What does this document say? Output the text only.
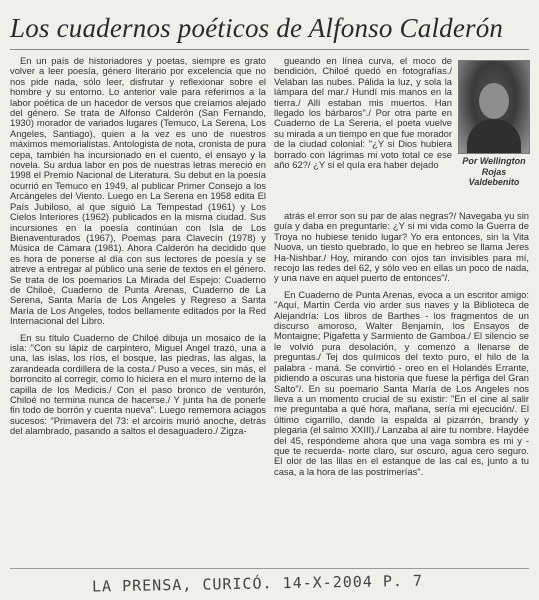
Los cuadernos poéticos de Alfonso Calderón

En un país de historiadores y poetas, siempre es grato volver a leer poesía, género literario por excelencia que no nos pide nada, sólo leer, disfrutar y reflexionar sobre el hombre y su entorno. Lo anterior vale para referirnos a la labor poética de un hacedor de versos que creíamos alejado del género. Se trata de Alfonso Calderón (San Fernando, 1930) morador de variados lugares (Temuco, La Serena, Los Angeles, Santiago), quien a la vez es uno de nuestros máximos memorialistas. Antologista de nota, cronista de pura cepa, también ha incursionado en el cuento, el ensayo y la novela. Su ardua labor en pos de nuestras letras mereció en 1998 el Premio Nacional de Literatura. Su debut en la poesía ocurrió en Temuco en 1949, al publicar Primer Consejo a los Arcángeles del Viento. Luego en La Serena en 1958 edita El País Jubiloso, al que siguió La Tempestad (1961) y Los Cielos Interiores (1962) publicados en la misma ciudad. Sus incursiones en la poesía continúan con Isla de Los Bienaventurados (1967), Poemas para Clavecín (1978) y Música de Cámara (1981). Ahora Calderón ha decidido que es hora de ponerse al día con sus lectores de poesía y se atreve a entregar al público una serie de textos en el género. Se trata de los poemarios La Mirada del Espejo: Cuaderno de Chiloé, Cuaderno de Punta Arenas, Cuaderno de La Serena, Santa María de Los Angeles y Regreso a Santa María de Los Angeles, todos bellamente editados por la Red Internacional del Libro.

En su título Cuaderno de Chiloé dibuja un mosaico de la isla: "Con su lápiz de carpintero, Miguel Angel trazó, una a una, las islas, los ríos, el bosque, las piedras, las algas, la zarandeada cordillera de la costa./ Puso a veces, sin más, el borroncito al corregir, como lo hiciera en el muro interno de la capilla de los Medicis./ Con el paso bronco de venturón, Chiloé no termina nunca de hacerse./ Y junta ha de ponerle fin todo de borrón y cuenta nueva". Luego rememora aciagos sucesos: "Primavera del 73: el arcoiris murió anoche, detrás del alambrado, pasando a saltos el desaguadero./ Zigza-

gueando en línea curva, el moco de bendición, Chiloé quedó en fotografías./ Velaban las nubes. Pálida la luz, y sola la lámpara del mar./ Hundí mis manos en la tierra./ Allí estaban mis muertos. Han llegado los bárbaros"./ Por otra parte en Cuaderno de La Serena, el poeta vuelve su mirada a un tiempo en que fue morador de la ciudad colonial: "¿Y si Dios hubiera borrado con lágrimas mi voto total ce ese año 62?/ ¿Y si el quía era haber dejado	Por Wellington
Rojas
Valdebenito

atrás el error son su par de alas negras?/ Navegaba yu sin guía y daba en preguntarle: ¿Y si mi vida como la Guerra de Troya no hubiese tenido lugar? Yo era entonces, sin la Vita Nuova, un tiesto quebrado, lo que en hebreo se llama Jeres Ha-Nishbar./ Hoy, mirando con ojos tan invisibles para mí, recojo las redes del 62, y sólo veo en ellas un poco de nada, y una nave en aquel puerto de entonces"/.

En Cuaderno de Punta Arenas, evoca a un escritor amigo: "Aquí, Martín Cerda vio arder sus naves y la Biblioteca de Alejandría: Los libros de Barthes - los fragmentos de un discurso amoroso, Walter Benjamín, los Ensayos de Montaigne; Pigafetta y Sarmiento de Gamboa./ El silencio se le volvió pura desolación, y comenzó a llenarse de preguntas./ Tej dos químicos del texto puro, el hilo de la palabra - maná. Se convirtió - oreo en el Holandés Errante, pidiendo a oscuras una historia que fuese la pérfiga del Gran Salto"/. En su poemario Santa María de Los Angeles nos lleva a un momento crucial de su existir: "En el cine al salir me preguntaba a qué hora, mañana, sería mi ejecución/. El último cigarrillo, dando la espalda al pizarrón, brandy y plegaria (el salmo XXIII)./ Lanzaba al aire tu nombre. Haydée del 45, respóndeme ahora que una vaga sombra es mi y -que te recuerda- norte claro, sur oscuro, agua cero seguro. El olor de las lilas en el estanque de las cal es, junto a tu casa, a la hora de las postrimerías".

LA PRENSA, CURICÓ. 14-X-2004 P. 7
